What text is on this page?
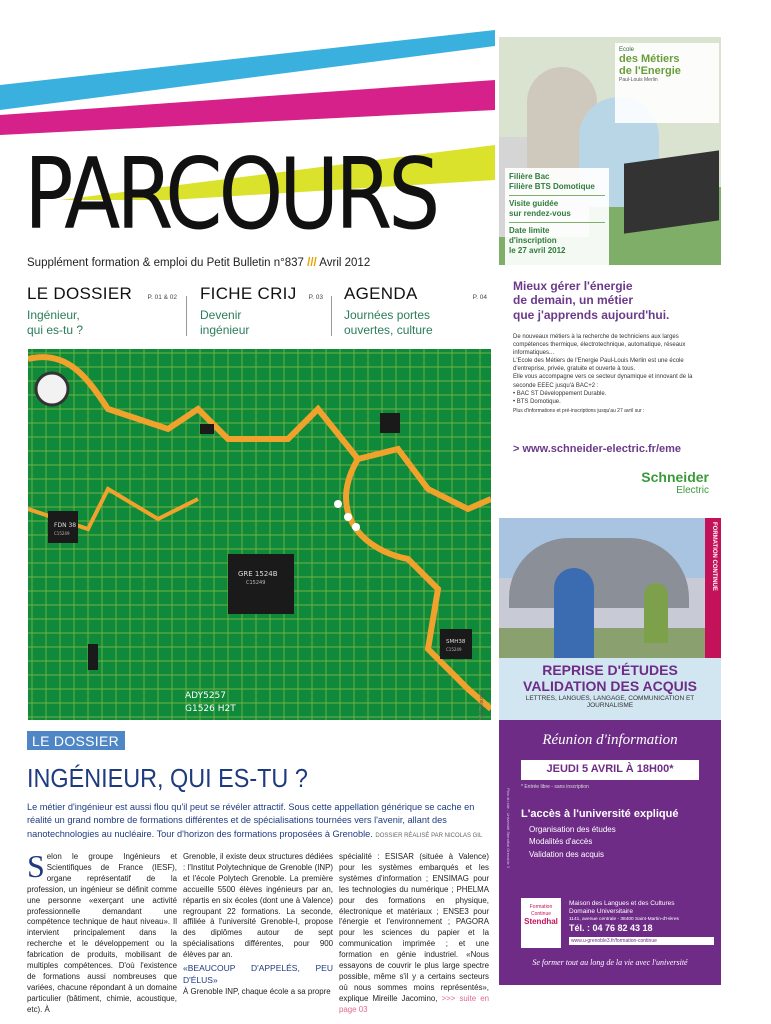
PARCOURS
Supplément formation & emploi du Petit Bulletin n°837 /// Avril 2012
LE DOSSIER P. 01 & 02
Ingénieur,
qui es-tu ?
FICHE CRIJ P. 03
Devenir
ingénieur
AGENDA	P. 04
Journées portes
ouvertes, culture
FDN 38
C15249
GRE 1524B
C15249
SMH38
C15249
ADY5257
G1526 H2T	© Aly Kousar
LE DOSSIER
INGÉNIEUR, QUI ES-TU ?
Le métier d'ingénieur est aussi flou qu'il peut se révéler attractif. Sous cette appellation générique se cache en réalité un grand nombre de formations différentes et de spécialisations tournées vers l'avenir, allant des nanotechnologies au nucléaire. Tour d'horizon des formations proposées à Grenoble. DOSSIER RÉALISÉ PAR NICOLAS GIL
Selon le groupe Ingénieurs et Scientifiques de France (IESF), organe représentatif de la profession, un ingénieur se définit comme une personne «exerçant une activité professionnelle demandant une compétence technique de haut niveau». Il intervient principalement dans la recherche et le développement ou la fabrication de produits, mobilisant de multiples compétences. D'où l'existence de formations aussi nombreuses que variées, chacune répondant à un domaine particulier (bâtiment, chimie, acoustique, etc). À
Grenoble, il existe deux structures dédiées : l'Institut Polytechnique de Grenoble (INP) et l'école Polytech Grenoble. La première accueille 5500 élèves ingénieurs par an, répartis en six écoles (dont une à Valence) regroupant 22 formations. La seconde, affiliée à l'université Grenoble-I, propose des diplômes autour de sept spécialisations différentes, pour 900 élèves par an.
«BEAUCOUP D'APPELÉS, PEU D'ÉLUS»
À Grenoble INP, chaque école a sa propre
spécialité : ESISAR (située à Valence) pour les systèmes embarqués et les systèmes d'information ; ENSIMAG pour les technologies du numérique ; PHELMA pour des formations en physique, électronique et matériaux ; ENSE3 pour l'énergie et l'environnement ; PAGORA pour les sciences du papier et la communication imprimée ; et une formation en génie industriel. «Nous essayons de couvrir le plus large spectre possible, même s'il y a certains secteurs où nous sommes moins représentés», explique Mireille Jacomino, >>> suite en page 03
Ecole
des Métiers
de l'Energie
Paul-Louis Merlin
Filière Bac
Filière BTS Domotique
Visite guidée
sur rendez-vous
Date limite
d'inscription
le 27 avril 2012
Mieux gérer l'énergie
de demain, un métier
que j'apprends aujourd'hui.
De nouveaux métiers à la recherche de techniciens aux larges compétences thermique, électrotechnique, automatique, réseaux informatiques...
L'Ecole des Métiers de l'Energie Paul-Louis Merlin est une école d'entreprise, privée, gratuite et ouverte à tous.
Elle vous accompagne vers ce secteur dynamique et innovant de la seconde EEEC jusqu'à BAC+2 :
• BAC ST Développement Durable.
• BTS Domotique.
Plus d'informations et pré-inscriptions jusqu'au 27 avril sur :
> www.schneider-electric.fr/eme
Schneider
Electric
FORMATION CONTINUE
REPRISE D'ÉTUDES
VALIDATION DES ACQUIS
LETTRES, LANGUES, LANGAGE, COMMUNICATION ET JOURNALISME
Réunion d'information
JEUDI 5 AVRIL À 18H00*
* Entrée libre - sans inscription
L'accès à l'université expliqué
Organisation des études
Modalités d'accès
Validation des acquis
Formation
Continue
Stendhal
Maison des Langues et des Cultures
Domaine Universitaire
1141, avenue centrale - 38400 Saint-Martin-d'Hères
Tél. : 04 76 82 43 18
www.u-grenoble3.fr/formation-continue
Se former tout au long de la vie avec l'université
Plan du site - Université Stendhal Grenoble 3
